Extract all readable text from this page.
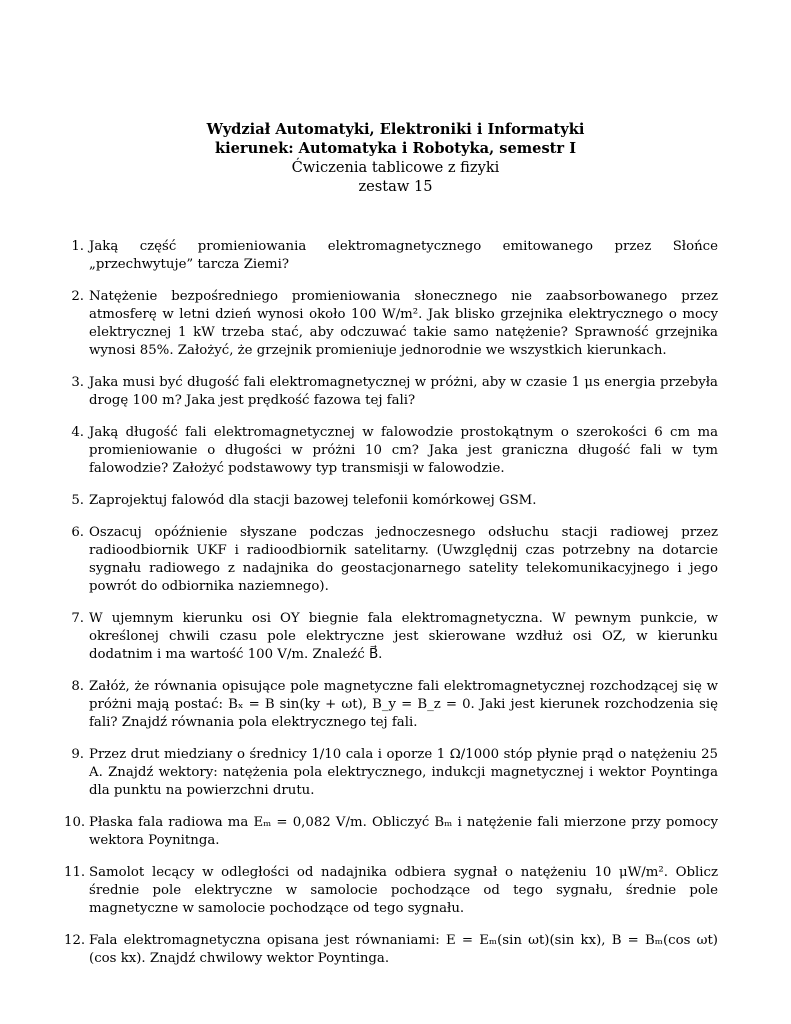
Wydział Automatyki, Elektroniki i Informatyki
kierunek: Automatyka i Robotyka, semestr I
Ćwiczenia tablicowe z fizyki
zestaw 15
1. Jaką część promieniowania elektromagnetycznego emitowanego przez Słońce „przechwytuje” tarcza Ziemi?
2. Natężenie bezpośredniego promieniowania słonecznego nie zaabsorbowanego przez atmosferę w letni dzień wynosi około 100 W/m². Jak blisko grzejnika elektrycznego o mocy elektrycznej 1 kW trzeba stać, aby odczuwać takie samo natężenie? Sprawność grzejnika wynosi 85%. Założyć, że grzejnik promieniuje jednorodnie we wszystkich kierunkach.
3. Jaka musi być długość fali elektromagnetycznej w próżni, aby w czasie 1 μs energia przebyła drogę 100 m? Jaka jest prędkość fazowa tej fali?
4. Jaką długość fali elektromagnetycznej w falowodzie prostokątnym o szerokości 6 cm ma promieniowanie o długości w próżni 10 cm? Jaka jest graniczna długość fali w tym falowodzie? Założyć podstawowy typ transmisji w falowodzie.
5. Zaprojektuj falowód dla stacji bazowej telefonii komórkowej GSM.
6. Oszacuj opóźnienie słyszane podczas jednoczesnego odsłuchu stacji radiowej przez radioodbiornik UKF i radioodbiornik satelitarny. (Uwzględnij czas potrzebny na dotarcie sygnału radiowego z nadajnika do geostacjonarnego satelity telekomunikacyjnego i jego powrót do odbiornika naziemnego).
7. W ujemnym kierunku osi OY biegnie fala elektromagnetyczna. W pewnym punkcie, w określonej chwili czasu pole elektryczne jest skierowane wzdłuż osi OZ, w kierunku dodatnim i ma wartość 100 V/m. Znaleźć B⃗.
8. Załóż, że równania opisujące pole magnetyczne fali elektromagnetycznej rozchodzącej się w próżni mają postać: Bₓ = B sin(ky + ωt), B_y = B_z = 0. Jaki jest kierunek rozchodzenia się fali? Znajdź równania pola elektrycznego tej fali.
9. Przez drut miedziany o średnicy 1/10 cala i oporze 1 Ω/1000 stóp płynie prąd o natężeniu 25 A. Znajdź wektory: natężenia pola elektrycznego, indukcji magnetycznej i wektor Poyntinga dla punktu na powierzchni drutu.
10. Płaska fala radiowa ma Eₘ = 0,082 V/m. Obliczyć Bₘ i natężenie fali mierzone przy pomocy wektora Poynitnga.
11. Samolot lecący w odległości od nadajnika odbiera sygnał o natężeniu 10 μW/m². Oblicz średnie pole elektryczne w samolocie pochodzące od tego sygnału, średnie pole magnetyczne w samolocie pochodzące od tego sygnału.
12. Fala elektromagnetyczna opisana jest równaniami: E = Eₘ(sin ωt)(sin kx), B = Bₘ(cos ωt)(cos kx). Znajdź chwilowy wektor Poyntinga.
